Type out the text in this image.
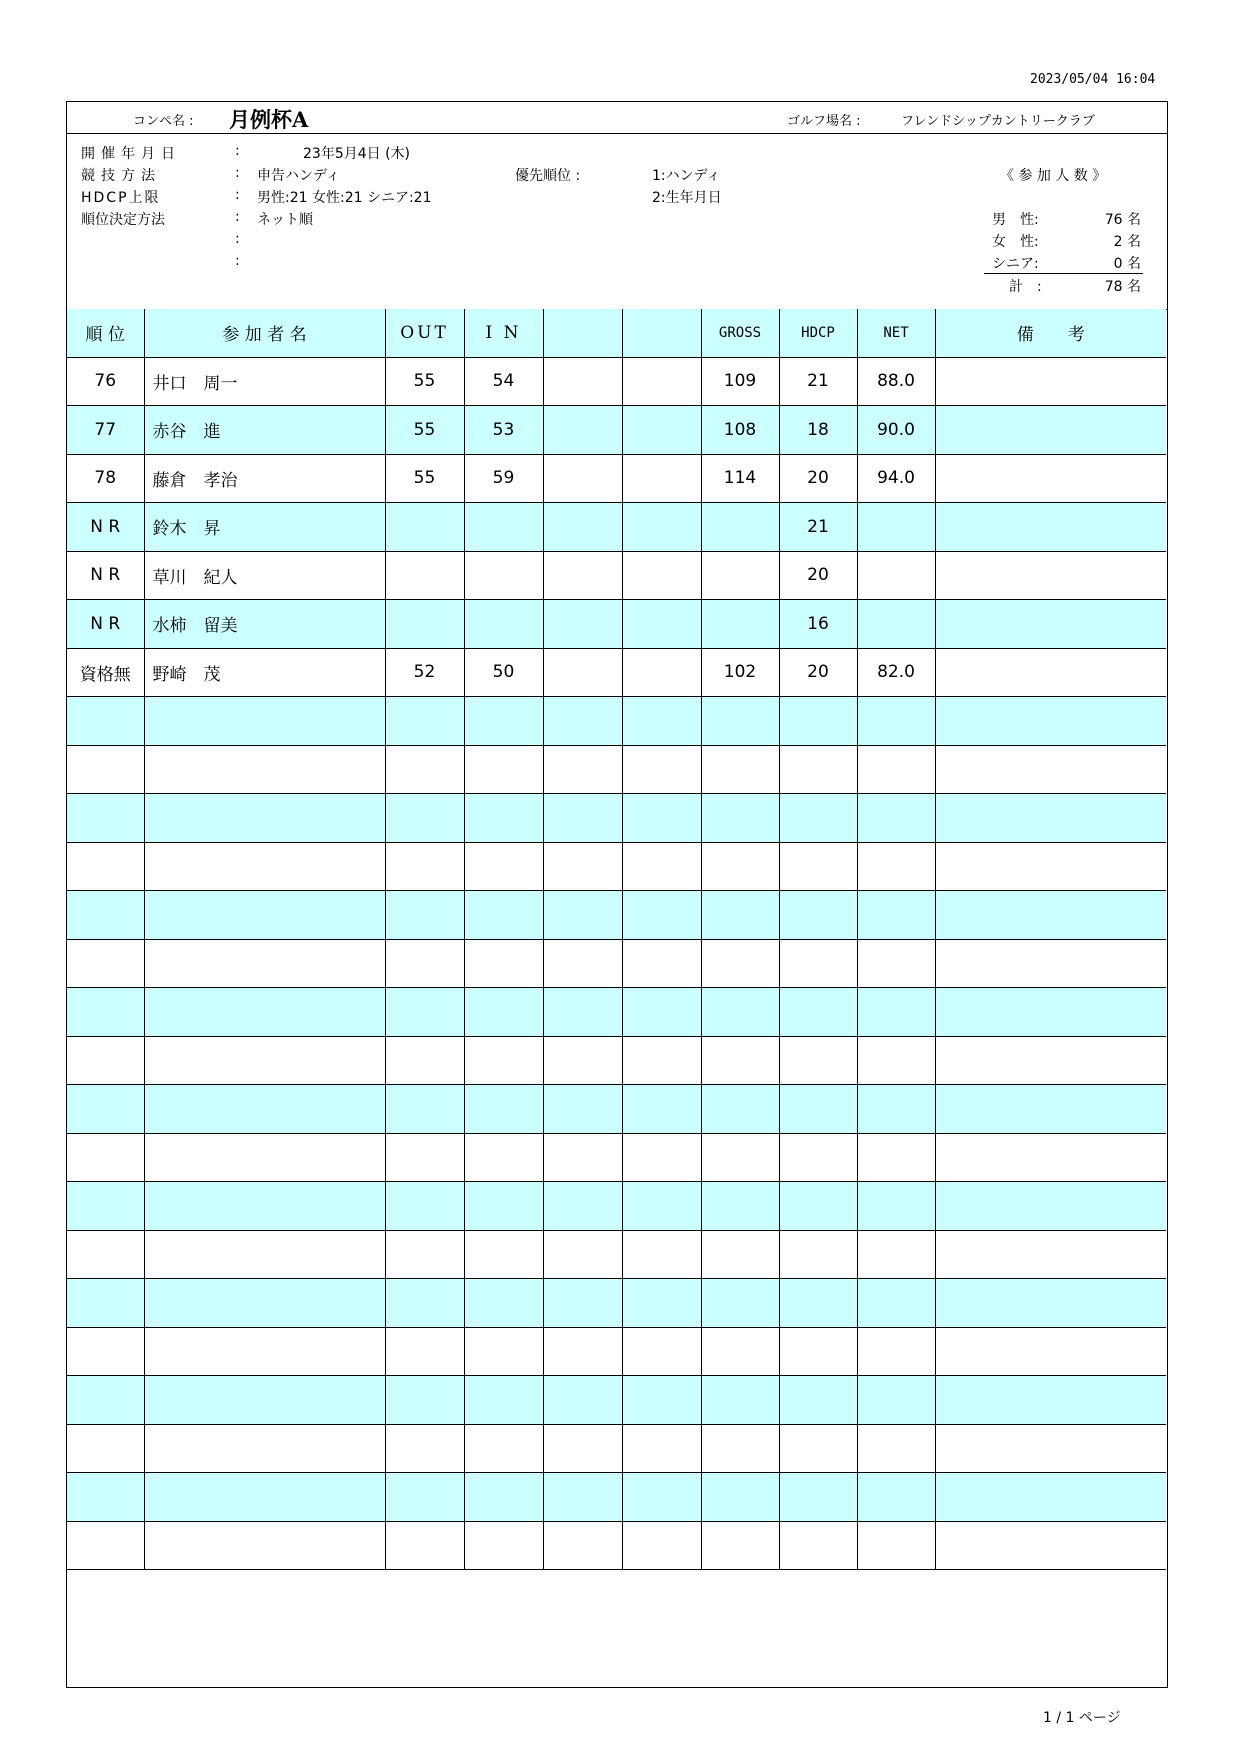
2023/05/04 16:04
コンペ名 : 月例杯A	ゴルフ場名 :	フレンドシップカントリークラブ
開催年月日	:	23年5月4日 (木)
競技方法	: 申告ハンディ	優先順位 :	1:ハンディ
HDCP上限	: 男性:21 女性:21 シニア:21	2:生年月日
順位決定方法	: ネット順
:
:
《 参 加 人 数 》
男　性:	76 名
女　性:	2 名
シニア:	0 名
計　:	78 名
順 位	参 加 者 名	OUT	I N			GROSS	HDCP	NET	備　　考
76	井口　周一	55	54			109	21	88.0	
77	赤谷　進	55	53			108	18	90.0	
78	藤倉　孝治	55	59			114	20	94.0	
N R	鈴木　昇						21		
N R	草川　紀人						20		
N R	水柿　留美						16		
資格無	野崎　茂	52	50			102	20	82.0	

1 / 1 ページ
